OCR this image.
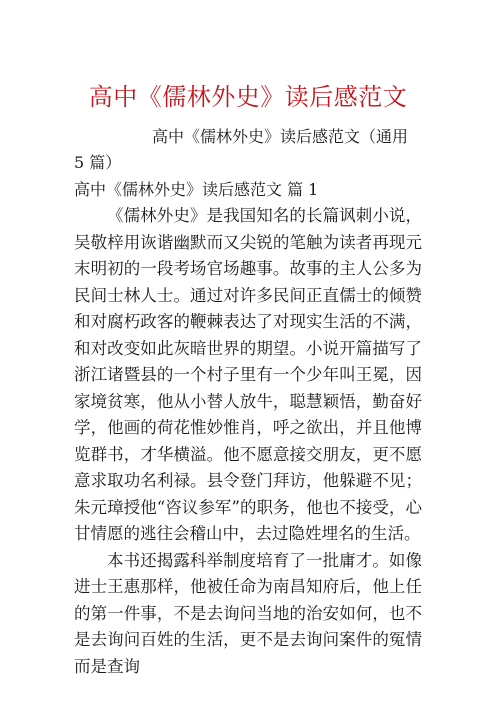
高中《儒林外史》读后感范文

高中《儒林外史》读后感范文（通用 5 篇）

高中《儒林外史》读后感范文 篇 1

《儒林外史》是我国知名的长篇讽刺小说，吴敬梓用诙谐幽默而又尖锐的笔触为读者再现元末明初的一段考场官场趣事。故事的主人公多为民间士林人士。通过对许多民间正直儒士的倾赞和对腐朽政客的鞭棘表达了对现实生活的不满，和对改变如此灰暗世界的期望。小说开篇描写了浙江诸暨县的一个村子里有一个少年叫王冕，因家境贫寒，他从小替人放牛，聪慧颖悟，勤奋好学，他画的荷花惟妙惟肖，呼之欲出，并且他博览群书，才华横溢。他不愿意接交朋友，更不愿意求取功名利禄。县令登门拜访，他躲避不见；朱元璋授他“咨议参军”的职务，他也不接受，心甘情愿的逃往会稽山中，去过隐姓埋名的生活。

本书还揭露科举制度培育了一批庸才。如像进士王惠那样，他被任命为南昌知府后，他上任的第一件事，不是去询问当地的治安如何，也不是去询问百姓的生活，更不是去询问案件的冤情而是查询
